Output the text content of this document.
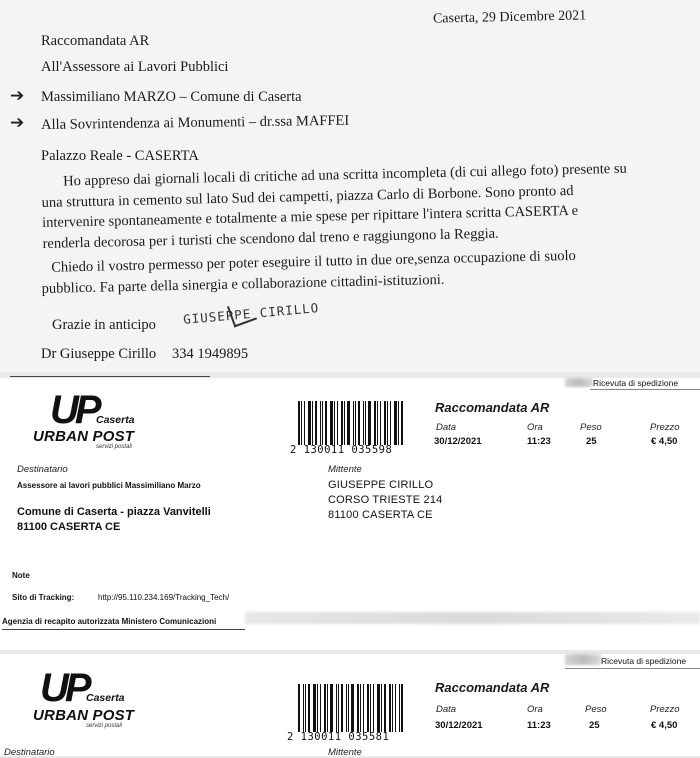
Caserta, 29 Dicembre 2021
Raccomandata AR
All'Assessore ai Lavori Pubblici
➔ Massimiliano MARZO – Comune di Caserta
➔ Alla Sovrintendenza ai Monumenti – dr.ssa MAFFEI
Palazzo Reale - CASERTA
Ho appreso dai giornali locali di critiche ad una scritta incompleta (di cui allego foto) presente su
una struttura in cemento sul lato Sud dei campetti, piazza Carlo di Borbone. Sono pronto ad
intervenire spontaneamente e totalmente a mie spese per ripittare l'intera scritta CASERTA e
renderla decorosa per i turisti che scendono dal treno e raggiungono la Reggia.
Chiedo il vostro permesso per poter eseguire il tutto in due ore,senza occupazione di suolo
pubblico. Fa parte della sinergia e collaborazione cittadini-istituzioni.
Grazie in anticipo GIUSEPPE CIRILLO
Dr Giuseppe Cirillo 334 1949895
Ricevuta di spedizione
UP
Caserta
URBAN POST
servizi postali	2 130011 035598
Raccomandata AR
Data	Ora	Peso	Prezzo
30/12/2021	11:23	25	€ 4,50
Destinatario
Assessore ai lavori pubblici Massimiliano Marzo
Comune di Caserta - piazza Vanvitelli
81100 CASERTA CE
Mittente
GIUSEPPE CIRILLO
CORSO TRIESTE 214
81100 CASERTA CE
Note
Sito di Tracking:	http://95.110.234.169/Tracking_Tech/
Agenzia di recapito autorizzata Ministero Comunicazioni
Ricevuta di spedizione
UP
Caserta
URBAN POST
servizi postali
2 130011 035581
Raccomandata AR
Data	Ora	Peso	Prezzo
30/12/2021	11:23	25	€ 4,50
Destinatario	Mittente
